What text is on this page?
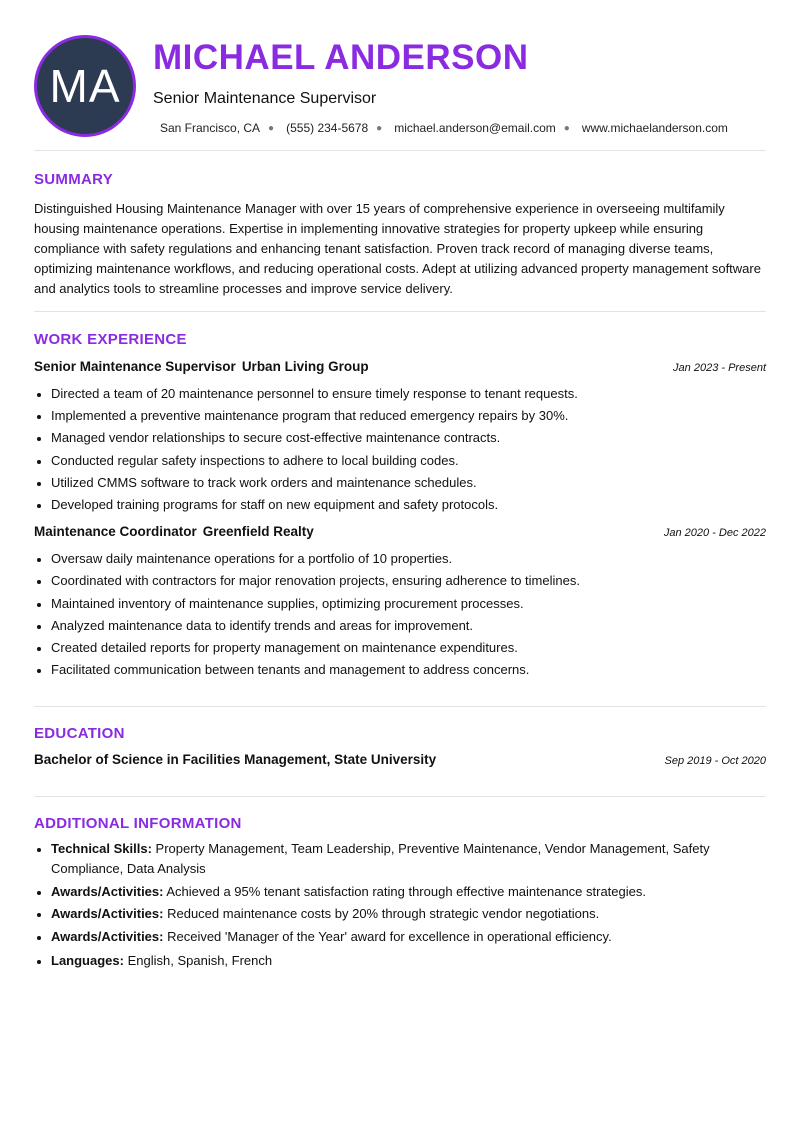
MA
MICHAEL ANDERSON
Senior Maintenance Supervisor
San Francisco, CA ● (555) 234-5678 ● michael.anderson@email.com ● www.michaelanderson.com
SUMMARY

Distinguished Housing Maintenance Manager with over 15 years of comprehensive experience in overseeing multifamily housing maintenance operations. Expertise in implementing innovative strategies for property upkeep while ensuring compliance with safety regulations and enhancing tenant satisfaction. Proven track record of managing diverse teams, optimizing maintenance workflows, and reducing operational costs. Adept at utilizing advanced property management software and analytics tools to streamline processes and improve service delivery.

WORK EXPERIENCE
Senior Maintenance Supervisor Urban Living Group	Jan 2023 - Present
• Directed a team of 20 maintenance personnel to ensure timely response to tenant requests.
• Implemented a preventive maintenance program that reduced emergency repairs by 30%.
• Managed vendor relationships to secure cost-effective maintenance contracts.
• Conducted regular safety inspections to adhere to local building codes.
• Utilized CMMS software to track work orders and maintenance schedules.
• Developed training programs for staff on new equipment and safety protocols.
Maintenance Coordinator Greenfield Realty	Jan 2020 - Dec 2022
• Oversaw daily maintenance operations for a portfolio of 10 properties.
• Coordinated with contractors for major renovation projects, ensuring adherence to timelines.
• Maintained inventory of maintenance supplies, optimizing procurement processes.
• Analyzed maintenance data to identify trends and areas for improvement.
• Created detailed reports for property management on maintenance expenditures.
• Facilitated communication between tenants and management to address concerns.
EDUCATION
Bachelor of Science in Facilities Management, State University	Sep 2019 - Oct 2020
ADDITIONAL INFORMATION
• Technical Skills: Property Management, Team Leadership, Preventive Maintenance, Vendor Management, Safety Compliance, Data Analysis
• Awards/Activities: Achieved a 95% tenant satisfaction rating through effective maintenance strategies.
• Awards/Activities: Reduced maintenance costs by 20% through strategic vendor negotiations.
• Awards/Activities: Received 'Manager of the Year' award for excellence in operational efficiency.
• Languages: English, Spanish, French
